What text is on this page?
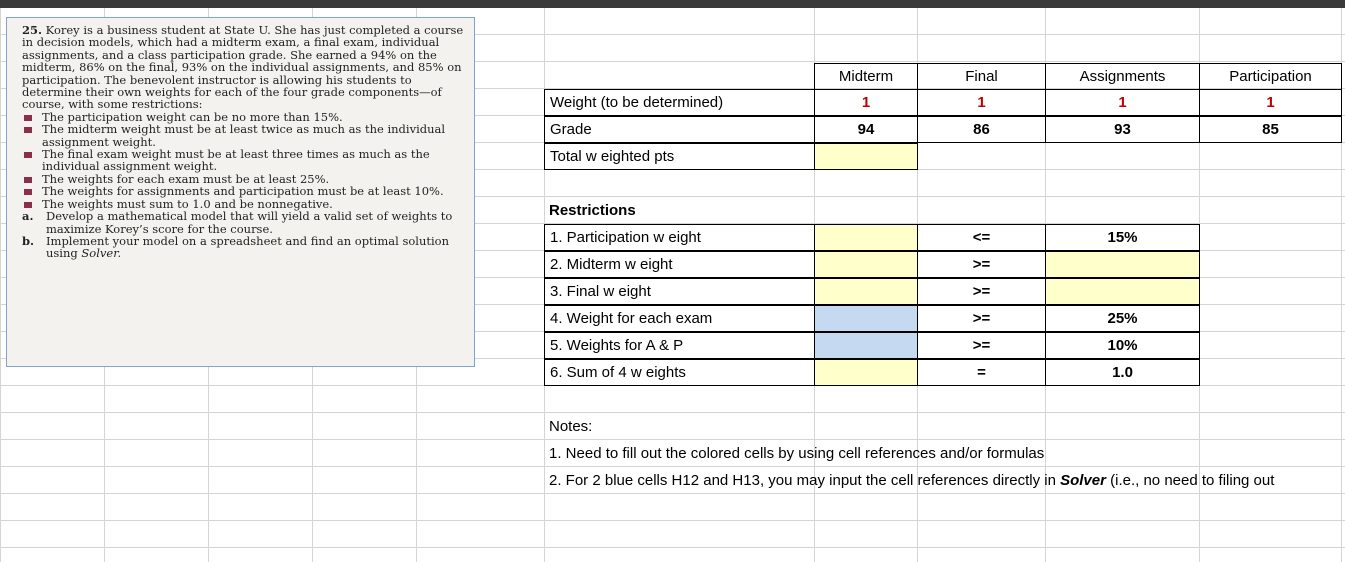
Midterm	Final	Assignments	Participation
Weight (to be determined)	1	1	1	1
Grade	94	86	93	85
Total w eighted pts
Restrictions
1. Participation w eight	<=	15%
2. Midterm w eight	>=
3. Final w eight	>=
4. Weight for each exam	>=	25%
5. Weights for A & P	>=	10%
6. Sum of 4 w eights	=	1.0
Notes:
1. Need to fill out the colored cells by using cell references and/or formulas
2. For 2 blue cells H12 and H13, you may input the cell references directly in Solver (i.e., no need to filing out

25. Korey is a business student at State U. She has just completed a course in decision models, which had a midterm exam, a final exam, individual assignments, and a class participation grade. She earned a 94% on the midterm, 86% on the final, 93% on the individual assignments, and 85% on participation. The benevolent instructor is allowing his students to determine their own weights for each of the four grade components—of course, with some restrictions:

The participation weight can be no more than 15%.
The midterm weight must be at least twice as much as the individual assignment weight.
The final exam weight must be at least three times as much as the individual assignment weight.
The weights for each exam must be at least 25%.
The weights for assignments and participation must be at least 10%.
The weights must sum to 1.0 and be nonnegative.
a.	Develop a mathematical model that will yield a valid set of weights to maximize Korey’s score for the course.
b.	Implement your model on a spreadsheet and find an optimal solution using Solver.
